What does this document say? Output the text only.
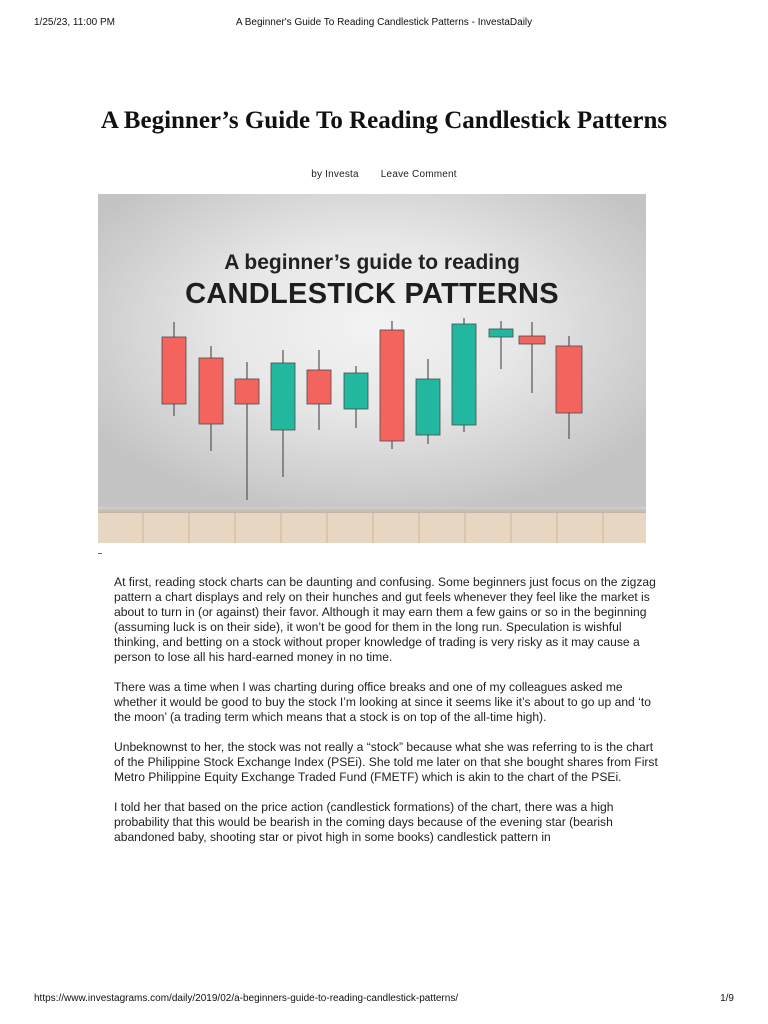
1/25/23, 11:00 PM	A Beginner's Guide To Reading Candlestick Patterns - InvestaDaily
A Beginner’s Guide To Reading Candlestick Patterns
by Investa Leave Comment
A beginner’s guide to reading
CANDLESTICK PATTERNS

At first, reading stock charts can be daunting and confusing. Some beginners just focus on the zigzag pattern a chart displays and rely on their hunches and gut feels whenever they feel like the market is about to turn in (or against) their favor. Although it may earn them a few gains or so in the beginning (assuming luck is on their side), it won’t be good for them in the long run. Speculation is wishful thinking, and betting on a stock without proper knowledge of trading is very risky as it may cause a person to lose all his hard-earned money in no time.

There was a time when I was charting during office breaks and one of my colleagues asked me whether it would be good to buy the stock I’m looking at since it seems like it’s about to go up and ‘to the moon’ (a trading term which means that a stock is on top of the all-time high).

Unbeknownst to her, the stock was not really a “stock” because what she was referring to is the chart of the Philippine Stock Exchange Index (PSEi). She told me later on that she bought shares from First Metro Philippine Equity Exchange Traded Fund (FMETF) which is akin to the chart of the PSEi.

I told her that based on the price action (candlestick formations) of the chart, there was a high probability that this would be bearish in the coming days because of the evening star (bearish abandoned baby, shooting star or pivot high in some books) candlestick pattern in

https://www.investagrams.com/daily/2019/02/a-beginners-guide-to-reading-candlestick-patterns/	1/9
